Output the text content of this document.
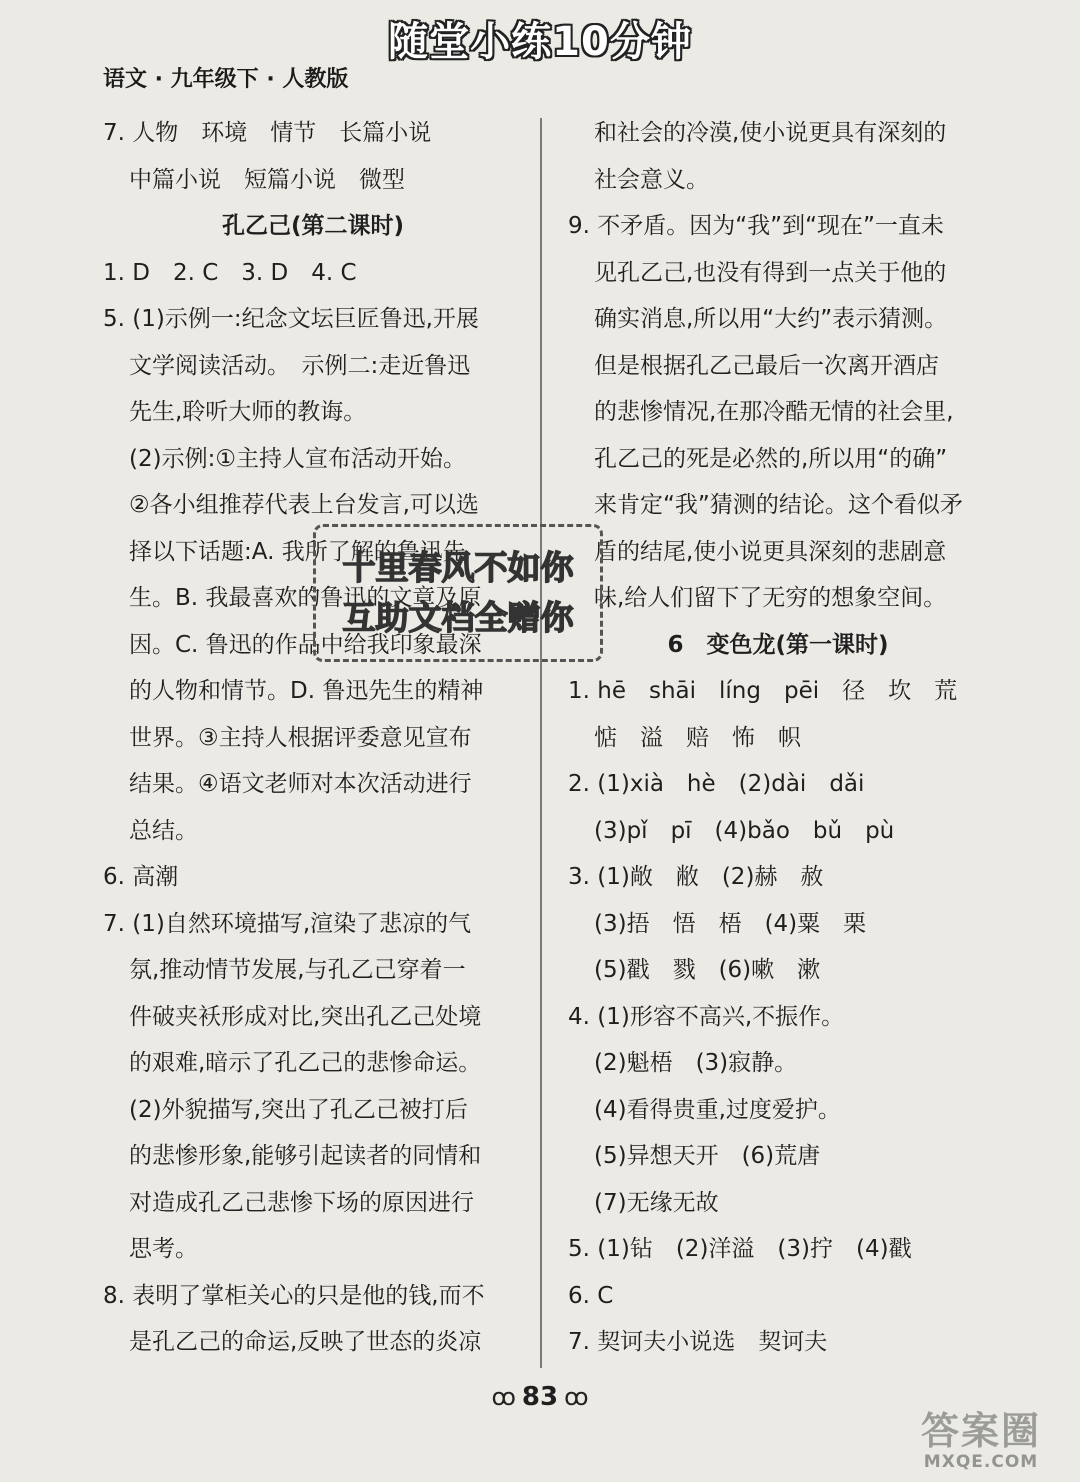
随堂小练10分钟
语文 · 九年级下 · 人教版
7. 人物　环境　情节　长篇小说
中篇小说　短篇小说　微型
孔乙己(第二课时)
1. D　2. C　3. D　4. C
5. (1)示例一:纪念文坛巨匠鲁迅,开展
文学阅读活动。　示例二:走近鲁迅
先生,聆听大师的教诲。
(2)示例:①主持人宣布活动开始。
②各小组推荐代表上台发言,可以选
择以下话题:A. 我所了解的鲁迅先
生。B. 我最喜欢的鲁迅的文章及原
因。C. 鲁迅的作品中给我印象最深
的人物和情节。D. 鲁迅先生的精神
世界。③主持人根据评委意见宣布
结果。④语文老师对本次活动进行
总结。
6. 高潮
7. (1)自然环境描写,渲染了悲凉的气
氛,推动情节发展,与孔乙己穿着一
件破夹袄形成对比,突出孔乙己处境
的艰难,暗示了孔乙己的悲惨命运。
(2)外貌描写,突出了孔乙己被打后
的悲惨形象,能够引起读者的同情和
对造成孔乙己悲惨下场的原因进行
思考。
8. 表明了掌柜关心的只是他的钱,而不
是孔乙己的命运,反映了世态的炎凉
和社会的冷漠,使小说更具有深刻的
社会意义。
9. 不矛盾。因为“我”到“现在”一直未
见孔乙己,也没有得到一点关于他的
确实消息,所以用“大约”表示猜测。
但是根据孔乙己最后一次离开酒店
的悲惨情况,在那冷酷无情的社会里,
孔乙己的死是必然的,所以用“的确”
来肯定“我”猜测的结论。这个看似矛
盾的结尾,使小说更具深刻的悲剧意
味,给人们留下了无穷的想象空间。
6　变色龙(第一课时)
1. hē　shāi　líng　pēi　径　坎　荒
惦　溢　赔　怖　帜
2. (1)xià　hè　(2)dài　dǎi
(3)pǐ　pī　(4)bǎo　bǔ　pù
3. (1)敞　敝　(2)赫　赦
(3)捂　悟　梧　(4)粟　栗
(5)戳　戮　(6)嗽　漱
4. (1)形容不高兴,不振作。
(2)魁梧　(3)寂静。
(4)看得贵重,过度爱护。
(5)异想天开　(6)荒唐
(7)无缘无故
5. (1)钻　(2)洋溢　(3)拧　(4)戳
6. C
7. 契诃夫小说选　契诃夫
十里春风不如你
互助文档全赠你
ꝏ 83 ꝏ
答案圈
MXQE.COM
